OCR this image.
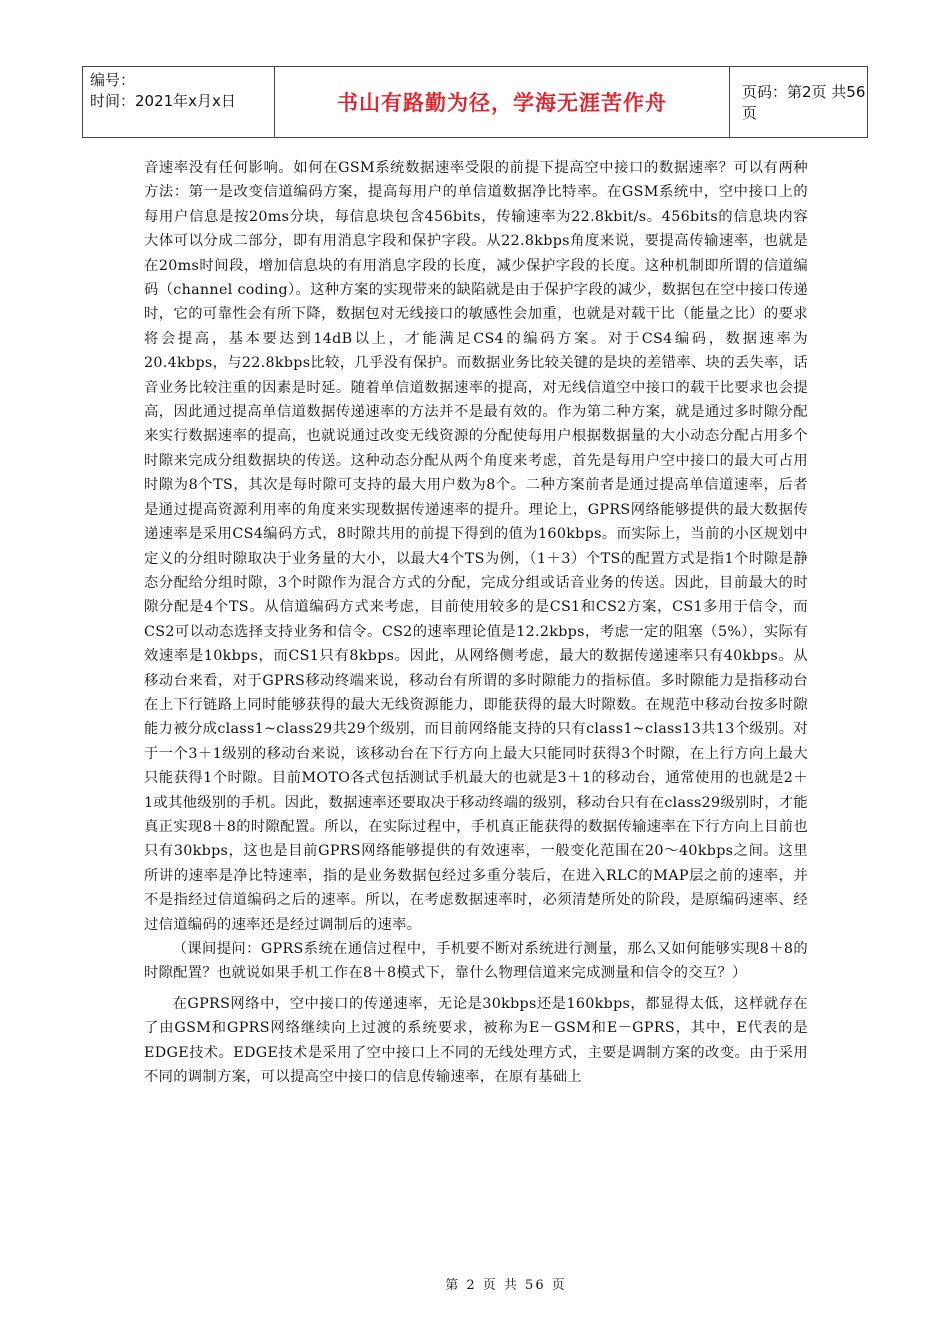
编号：
时间：2021年x月x日	书山有路勤为径，学海无涯苦作舟	页码：第2页 共56页

音速率没有任何影响。如何在GSM系统数据速率受限的前提下提高空中接口的数据速率？可以有两种方法：第一是改变信道编码方案，提高每用户的单信道数据净比特率。在GSM系统中，空中接口上的每用户信息是按20ms分块，每信息块包含456bits，传输速率为22.8kbit/s。456bits的信息块内容大体可以分成二部分，即有用消息字段和保护字段。从22.8kbps角度来说，要提高传输速率，也就是在20ms时间段，增加信息块的有用消息字段的长度，减少保护字段的长度。这种机制即所谓的信道编码（channel coding）。这种方案的实现带来的缺陷就是由于保护字段的减少，数据包在空中接口传递时，它的可靠性会有所下降，数据包对无线接口的敏感性会加重，也就是对载干比（能量之比）的要求将会提高，基本要达到14dB以上，才能满足CS4的编码方案。对于CS4编码，数据速率为20.4kbps，与22.8kbps比较，几乎没有保护。而数据业务比较关键的是块的差错率、块的丢失率，话音业务比较注重的因素是时延。随着单信道数据速率的提高，对无线信道空中接口的载干比要求也会提高，因此通过提高单信道数据传递速率的方法并不是最有效的。作为第二种方案，就是通过多时隙分配来实行数据速率的提高，也就说通过改变无线资源的分配使每用户根据数据量的大小动态分配占用多个时隙来完成分组数据块的传送。这种动态分配从两个角度来考虑，首先是每用户空中接口的最大可占用时隙为8个TS，其次是每时隙可支持的最大用户数为8个。二种方案前者是通过提高单信道速率，后者是通过提高资源利用率的角度来实现数据传递速率的提升。理论上，GPRS网络能够提供的最大数据传递速率是采用CS4编码方式，8时隙共用的前提下得到的值为160kbps。而实际上，当前的小区规划中定义的分组时隙取决于业务量的大小，以最大4个TS为例，（1＋3）个TS的配置方式是指1个时隙是静态分配给分组时隙，3个时隙作为混合方式的分配，完成分组或话音业务的传送。因此，目前最大的时隙分配是4个TS。从信道编码方式来考虑，目前使用较多的是CS1和CS2方案，CS1多用于信令，而CS2可以动态选择支持业务和信令。CS2的速率理论值是12.2kbps，考虑一定的阻塞（5%），实际有效速率是10kbps，而CS1只有8kbps。因此，从网络侧考虑，最大的数据传递速率只有40kbps。从移动台来看，对于GPRS移动终端来说，移动台有所谓的多时隙能力的指标值。多时隙能力是指移动台在上下行链路上同时能够获得的最大无线资源能力，即能获得的最大时隙数。在规范中移动台按多时隙能力被分成class1~class29共29个级别，而目前网络能支持的只有class1~class13共13个级别。对于一个3＋1级别的移动台来说，该移动台在下行方向上最大只能同时获得3个时隙，在上行方向上最大只能获得1个时隙。目前MOTO各式包括测试手机最大的也就是3＋1的移动台，通常使用的也就是2＋1或其他级别的手机。因此，数据速率还要取决于移动终端的级别，移动台只有在class29级别时，才能真正实现8＋8的时隙配置。所以，在实际过程中，手机真正能获得的数据传输速率在下行方向上目前也只有30kbps，这也是目前GPRS网络能够提供的有效速率，一般变化范围在20～40kbps之间。这里所讲的速率是净比特速率，指的是业务数据包经过多重分装后，在进入RLC的MAP层之前的速率，并不是指经过信道编码之后的速率。所以，在考虑数据速率时，必须清楚所处的阶段，是原编码速率、经过信道编码的速率还是经过调制后的速率。

（课间提问：GPRS系统在通信过程中，手机要不断对系统进行测量，那么又如何能够实现8＋8的时隙配置？也就说如果手机工作在8＋8模式下，靠什么物理信道来完成测量和信令的交互？）

在GPRS网络中，空中接口的传递速率，无论是30kbps还是160kbps，都显得太低，这样就存在了由GSM和GPRS网络继续向上过渡的系统要求，被称为E－GSM和E－GPRS，其中，E代表的是EDGE技术。EDGE技术是采用了空中接口上不同的无线处理方式，主要是调制方案的改变。由于采用不同的调制方案，可以提高空中接口的信息传输速率，在原有基础上

第 2 页 共 56 页
